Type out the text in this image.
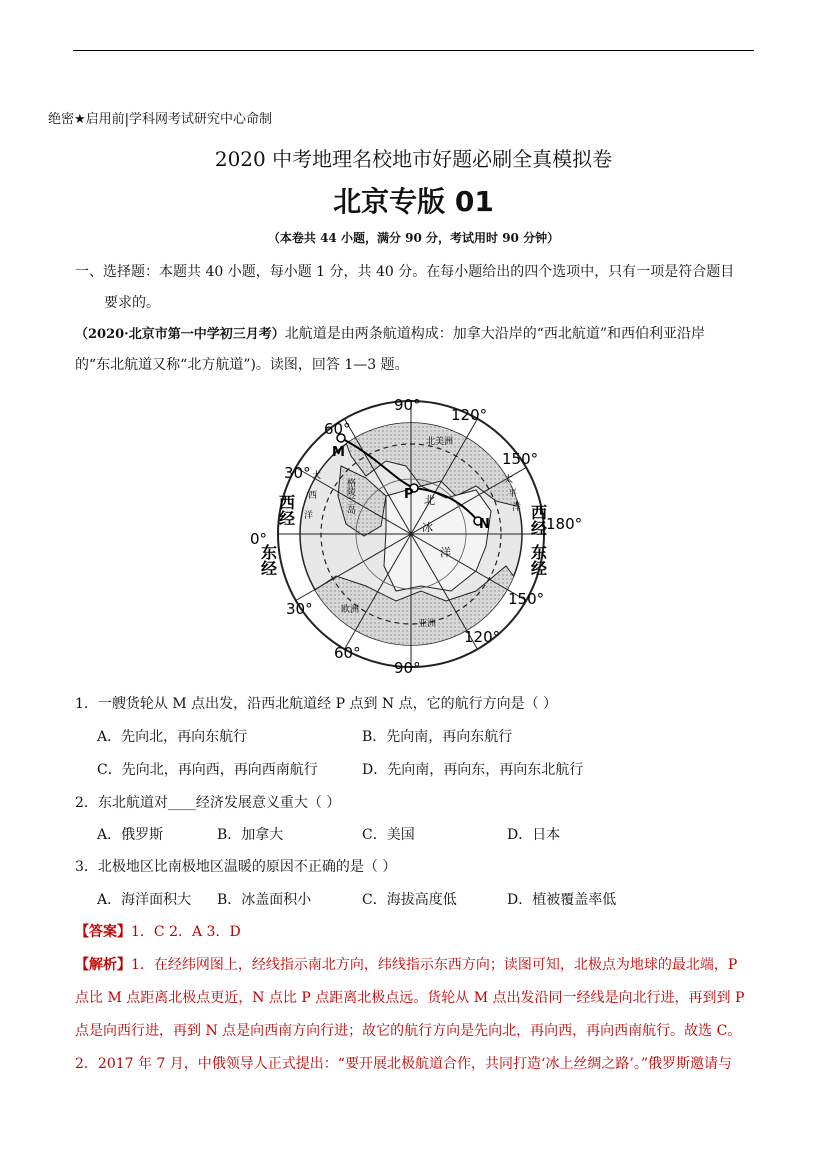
绝密★启用前|学科网考试研究中心命制
2020 中考地理名校地市好题必刷全真模拟卷
北京专版 01
（本卷共 44 小题，满分 90 分，考试用时 90 分钟）
一、选择题：本题共 40 小题，每小题 1 分，共 40 分。在每小题给出的四个选项中，只有一项是符合题目
要求的。
（2020·北京市第一中学初三月考）北航道是由两条航道构成：加拿大沿岸的“西北航道”和西伯利亚沿岸
的“东北航道又称“北方航道”)。读图，回答 1—3 题。
90°
120°
150°
180°
150°
120°
90°
60°
30°
0°
30°
60°
西经
东经
西经
东经
北美洲
格陵兰岛
欧洲
亚洲
太
平
洋
大
西
洋
北
冰
洋
M
P
N
1．一艘货轮从 M 点出发，沿西北航道经 P 点到 N 点，它的航行方向是（ ）
A．先向北，再向东航行	B．先向南，再向东航行
C．先向北，再向西，再向西南航行	D．先向南，再向东，再向东北航行
2．东北航道对____经济发展意义重大（ ）
A．俄罗斯	B．加拿大	C．美国	D．日本
3．北极地区比南极地区温暖的原因不正确的是（ ）
A．海洋面积大 B．冰盖面积小	C．海拔高度低	D．植被覆盖率低
【答案】1．C 2．A 3．D
【解析】1．在经纬网图上，经线指示南北方向，纬线指示东西方向；读图可知，北极点为地球的最北端，P
点比 M 点距离北极点更近，N 点比 P 点距离北极点远。货轮从 M 点出发沿同一经线是向北行进，再到到 P
点是向西行进，再到 N 点是向西南方向行进；故它的航行方向是先向北，再向西，再向西南航行。故选 C。
2．2017 年 7 月，中俄领导人正式提出：“要开展北极航道合作，共同打造‘冰上丝绸之路’。”俄罗斯邀请与
